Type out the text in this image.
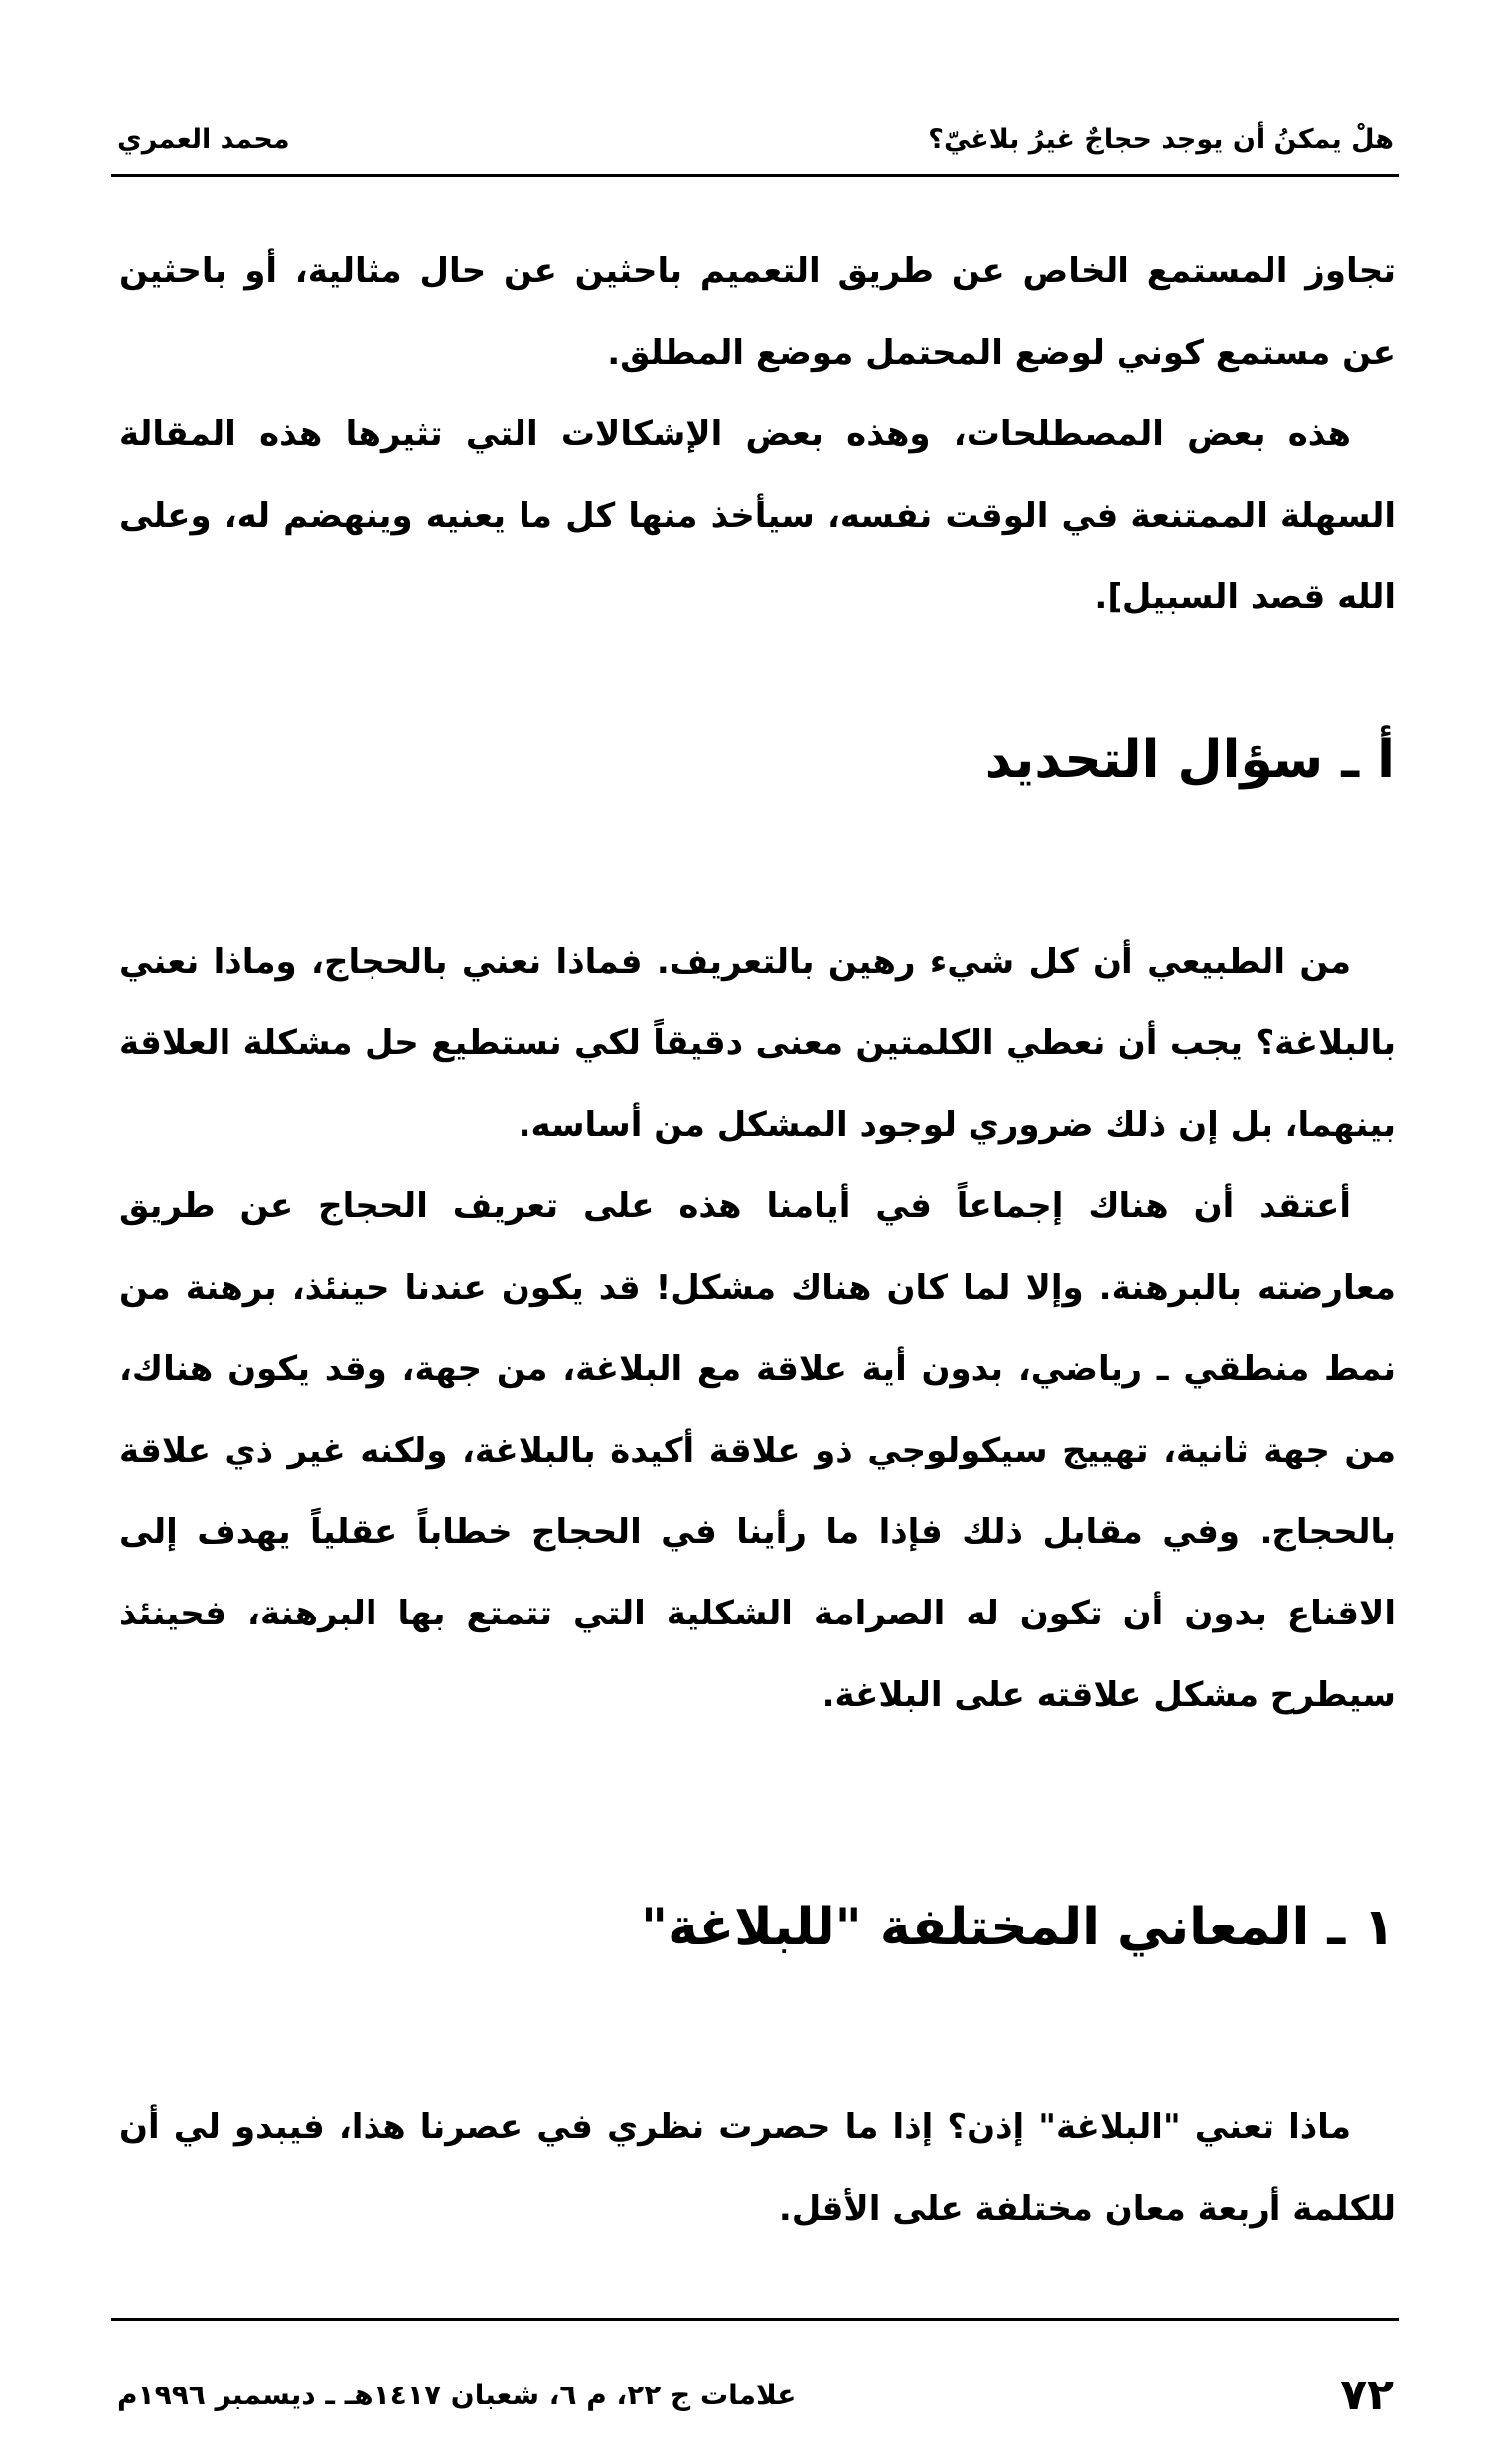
محمد العمري	هلْ يمكنُ أن يوجد حجاجٌ غيرُ بلاغيّ؟

تجاوز المستمع الخاص عن طريق التعميم باحثين عن حال مثالية، أو باحثين عن مستمع كوني لوضع المحتمل موضع المطلق.

هذه بعض المصطلحات، وهذه بعض الإشكالات التي تثيرها هذه المقالة السهلة الممتنعة في الوقت نفسه، سيأخذ منها كل ما يعنيه وينهضم له، وعلى الله قصد السبيل].

أ ـ سؤال التحديد

من الطبيعي أن كل شيء رهين بالتعريف. فماذا نعني بالحجاج، وماذا نعني بالبلاغة؟ يجب أن نعطي الكلمتين معنى دقيقاً لكي نستطيع حل مشكلة العلاقة بينهما، بل إن ذلك ضروري لوجود المشكل من أساسه.

أعتقد أن هناك إجماعاً في أيامنا هذه على تعريف الحجاج عن طريق معارضته بالبرهنة. وإلا لما كان هناك مشكل! قد يكون عندنا حينئذ، برهنة من نمط منطقي ـ رياضي، بدون أية علاقة مع البلاغة، من جهة، وقد يكون هناك، من جهة ثانية، تهييج سيكولوجي ذو علاقة أكيدة بالبلاغة، ولكنه غير ذي علاقة بالحجاج. وفي مقابل ذلك فإذا ما رأينا في الحجاج خطاباً عقلياً يهدف إلى الاقناع بدون أن تكون له الصرامة الشكلية التي تتمتع بها البرهنة، فحينئذ سيطرح مشكل علاقته على البلاغة.

١ ـ المعاني المختلفة "للبلاغة"

ماذا تعني "البلاغة" إذن؟ إذا ما حصرت نظري في عصرنا هذا، فيبدو لي أن للكلمة أربعة معان مختلفة على الأقل.

علامات ج ٢٢، م ٦، شعبان ١٤١٧هـ ـ ديسمبر ١٩٩٦م	٧٢
